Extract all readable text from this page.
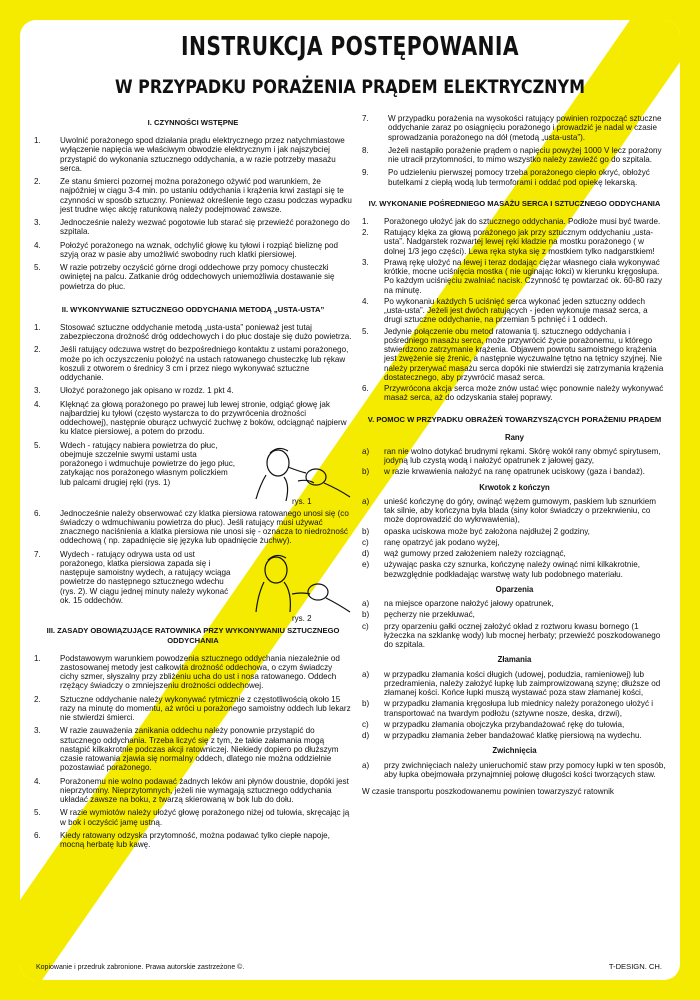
INSTRUKCJA POSTĘPOWANIA
W PRZYPADKU PORAŻENIA PRĄDEM ELEKTRYCZNYM
I. CZYNNOŚCI WSTĘPNE
1. Uwolnić porażonego spod działania prądu elektrycznego przez natychmiastowe wyłączenie napięcia we właściwym obwodzie elektrycznym i jak najszybciej przystąpić do wykonania sztucznego oddychania, a w razie potrzeby masażu serca.
2. Ze stanu śmierci pozornej można porażonego ożywić pod warunkiem, że najpóźniej w ciągu 3-4 min. po ustaniu oddychania i krążenia krwi zastąpi się te czynności w sposób sztuczny. Ponieważ określenie tego czasu podczas wypadku jest trudne więc akcję ratunkową należy podejmować zawsze.
3. Jednocześnie należy wezwać pogotowie lub starać się przewieźć porażonego do szpitala.
4. Położyć porażonego na wznak, odchylić głowę ku tyłowi i rozpiąć bieliznę pod szyją oraz w pasie aby umożliwić swobodny ruch klatki piersiowej.
5. W razie potrzeby oczyścić górne drogi oddechowe przy pomocy chusteczki owiniętej na palcu. Zatkanie dróg oddechowych uniemożliwia dostawanie się powietrza do płuc.
II. WYKONYWANIE SZTUCZNEGO ODDYCHANIA METODĄ „USTA-USTA”
1. Stosować sztuczne oddychanie metodą „usta-usta” ponieważ jest tutaj zabezpieczona drożność dróg oddechowych i do płuc dostaje się dużo powietrza.
2. Jeśli ratujący odczuwa wstręt do bezpośredniego kontaktu z ustami porażonego, może po ich oczyszczeniu położyć na ustach ratowanego chusteczkę lub rękaw koszuli z otworem o średnicy 3 cm i przez niego wykonywać sztuczne oddychanie.
3. Ułożyć porażonego jak opisano w rozdz. 1 pkt 4.
4. Klęknąć za głową porażonego po prawej lub lewej stronie, odgiąć głowę jak najbardziej ku tyłowi (często wystarcza to do przywrócenia drożności oddechowej), następnie oburącz uchwycić żuchwę z boków, odciągnąć najpierw ku klatce piersiowej, a potem do przodu.
5. Wdech - ratujący nabiera powietrza do płuc, obejmuje szczelnie swymi ustami usta porażonego i wdmuchuje powietrze do jego płuc, zatykając nos porażonego własnym policzkiem lub palcami drugiej ręki (rys. 1)
rys. 1
6. Jednocześnie należy obserwować czy klatka piersiowa ratowanego unosi się (co świadczy o wdmuchiwaniu powietrza do płuc). Jeśli ratujący musi używać znacznego naciśnienia a klatka piersiowa nie unosi się - oznacza to niedrożność oddechową ( np. zapadnięcie się języka lub opadnięcie żuchwy).
7. Wydech - ratujący odrywa usta od ust porażonego, klatka piersiowa zapada się i następuje samoistny wydech, a ratujący wciąga powietrze do następnego sztucznego wdechu (rys. 2). W ciągu jednej minuty należy wykonać ok. 15 oddechów.
rys. 2
III. ZASADY OBOWIĄZUJĄCE RATOWNIKA PRZY WYKONYWANIU SZTUCZNEGO ODDYCHANIA
1. Podstawowym warunkiem powodzenia sztucznego oddychania niezależnie od zastosowanej metody jest całkowita drożność oddechowa, o czym świadczy cichy szmer, słyszalny przy zbliżeniu ucha do ust i nosa ratowanego. Oddech rzężący świadczy o zmniejszeniu drożności oddechowej.
2. Sztuczne oddychanie należy wykonywać rytmicznie z częstotliwością około 15 razy na minutę do momentu, aż wróci u porażonego samoistny oddech lub lekarz nie stwierdzi śmierci.
3. W razie zauważenia zanikania oddechu należy ponownie przystąpić do sztucznego oddychania. Trzeba liczyć się z tym, że takie załamania mogą nastąpić kilkakrotnie podczas akcji ratowniczej. Niekiedy dopiero po dłuższym czasie ratowania zjawia się normalny oddech, dlatego nie można oddzielnie pozostawiać porażonego.
4. Porażonemu nie wolno podawać żadnych leków ani płynów doustnie, dopóki jest nieprzytomny. Nieprzytomnych, jeżeli nie wymagają sztucznego oddychania układać zawsze na boku, z twarzą skierowaną w bok lub do dołu.
5. W razie wymiotów należy ułożyć głowę porażonego niżej od tułowia, skręcając ją w bok i oczyścić jamę ustną.
6. Kiedy ratowany odzyska przytomność, można podawać tylko ciepłe napoje, mocną herbatę lub kawę.
7. W przypadku porażenia na wysokości ratujący powinien rozpocząć sztuczne oddychanie zaraz po osiągnięciu porażonego i prowadzić je nadal w czasie sprowadzania porażonego na dół (metodą „usta-usta”).
8. Jeżeli nastąpiło porażenie prądem o napięciu powyżej 1000 V lecz porażony nie utracił przytomności, to mimo wszystko należy zawieźć go do szpitala.
9. Po udzieleniu pierwszej pomocy trzeba porażonego ciepło okryć, obłożyć butelkami z ciepłą wodą lub termoforami i oddać pod opiekę lekarską.
IV. WYKONANIE POŚREDNIEGO MASAŻU SERCA I SZTUCZNEGO ODDYCHANIA
1. Porażonego ułożyć jak do sztucznego oddychania. Podłoże musi być twarde.
2. Ratujący klęka za głową porażonego jak przy sztucznym oddychaniu „usta-usta”. Nadgarstek rozwartej lewej ręki kładzie na mostku porażonego ( w dolnej 1/3 jego części). Lewa ręka styka się z mostkiem tylko nadgarstkiem!
3. Prawą rękę ułożyć na lewej i teraz dodając ciężar własnego ciała wykonywać krótkie, mocne uciśnięcia mostka ( nie uginając łokci) w kierunku kręgosłupa. Po każdym uciśnięciu zwalniać nacisk. Czynność tę powtarzać ok. 60-80 razy na minutę.
4. Po wykonaniu każdych 5 uciśnięć serca wykonać jeden sztuczny oddech „usta-usta”. Jeżeli jest dwóch ratujących - jeden wykonuje masaż serca, a drugi sztuczne oddychanie, na przemian 5 pchnięć i 1 oddech.
5. Jedynie połączenie obu metod ratowania tj. sztucznego oddychania i pośredniego masażu serca, może przywrócić życie porażonemu, u którego stwierdzono zatrzymanie krążenia. Objawem powrotu samoistnego krążenia jest zwężenie się źrenic, a następnie wyczuwalne tętno na tętnicy szyjnej. Nie należy przerywać masażu serca dopóki nie stwierdzi się zatrzymania krążenia dostatecznego, aby przywrócić masaż serca.
6. Przywrócona akcja serca może znów ustać więc ponownie należy wykonywać masaż serca, aż do odzyskania stałej poprawy.
V. POMOC W PRZYPADKU OBRAŻEŃ TOWARZYSZĄCYCH PORAŻENIU PRĄDEM
Rany
a) ran nie wolno dotykać brudnymi rękami. Skórę wokół rany obmyć spirytusem, jodyną lub czystą wodą i nałożyć opatrunek z jałowej gazy,
b) w razie krwawienia nałożyć na ranę opatrunek uciskowy (gaza i bandaż).
Krwotok z kończyn
a) unieść kończynę do góry, owinąć wężem gumowym, paskiem lub sznurkiem tak silnie, aby kończyna była blada (siny kolor świadczy o przekrwieniu, co może doprowadzić do wykrwawienia),
b) opaska uciskowa może być założona najdłużej 2 godziny,
c) ranę opatrzyć jak podano wyżej,
d) wąż gumowy przed założeniem należy rozciągnąć,
e) używając paska czy sznurka, kończynę należy owinąć nimi kilkakrotnie, bezwzględnie podkładając warstwę waty lub podobnego materiału.
Oparzenia
a) na miejsce oparzone nałożyć jałowy opatrunek,
b) pęcherzy nie przekłuwać,
c) przy oparzeniu gałki ocznej założyć okład z roztworu kwasu bornego (1 łyżeczka na szklankę wody) lub mocnej herbaty; przewieźć poszkodowanego do szpitala.
Złamania
a) w przypadku złamania kości długich (udowej, podudzia, ramieniowej) lub przedramienia, należy założyć łupkę lub zaimprowizowaną szynę; dłuższe od złamanej kości. Końce łupki muszą wystawać poza staw złamanej kości,
b) w przypadku złamania kręgosłupa lub miednicy należy porażonego ułożyć i transportować na twardym podłożu (sztywne nosze, deska, drzwi),
c) w przypadku złamania obojczyka przybandażować rękę do tułowia,
d) w przypadku złamania żeber bandażować klatkę piersiową na wydechu.
Zwichnięcia
a) przy zwichnięciach należy unieruchomić staw przy pomocy łupki w ten sposób, aby łupka obejmowała przynajmniej połowę długości kości tworzących staw.
W czasie transportu poszkodowanemu powinien towarzyszyć ratownik
Kopiowanie i przedruk zabronione. Prawa autorskie zastrzeżone ©.	T-DESIGN. CH.
